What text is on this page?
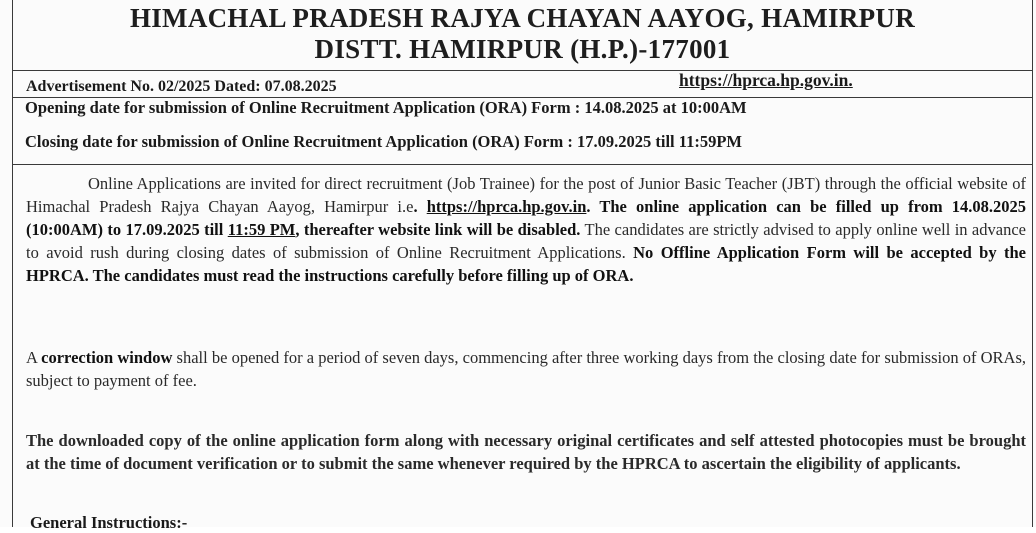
HIMACHAL PRADESH RAJYA CHAYAN AAYOG, HAMIRPUR
DISTT. HAMIRPUR (H.P.)-177001
https://hprca.hp.gov.in.
Advertisement No. 02/2025 Dated: 07.08.2025
Opening date for submission of Online Recruitment Application (ORA) Form : 14.08.2025 at 10:00AM
Closing date for submission of Online Recruitment Application (ORA) Form : 17.09.2025 till 11:59PM
Online Applications are invited for direct recruitment (Job Trainee) for the post of Junior Basic Teacher (JBT) through the official website of Himachal Pradesh Rajya Chayan Aayog, Hamirpur i.e. https://hprca.hp.gov.in. The online application can be filled up from 14.08.2025 (10:00AM) to 17.09.2025 till 11:59 PM, thereafter website link will be disabled. The candidates are strictly advised to apply online well in advance to avoid rush during closing dates of submission of Online Recruitment Applications. No Offline Application Form will be accepted by the HPRCA. The candidates must read the instructions carefully before filling up of ORA.
A correction window shall be opened for a period of seven days, commencing after three working days from the closing date for submission of ORAs, subject to payment of fee.
The downloaded copy of the online application form along with necessary original certificates and self attested photocopies must be brought at the time of document verification or to submit the same whenever required by the HPRCA to ascertain the eligibility of applicants.
General Instructions:-
